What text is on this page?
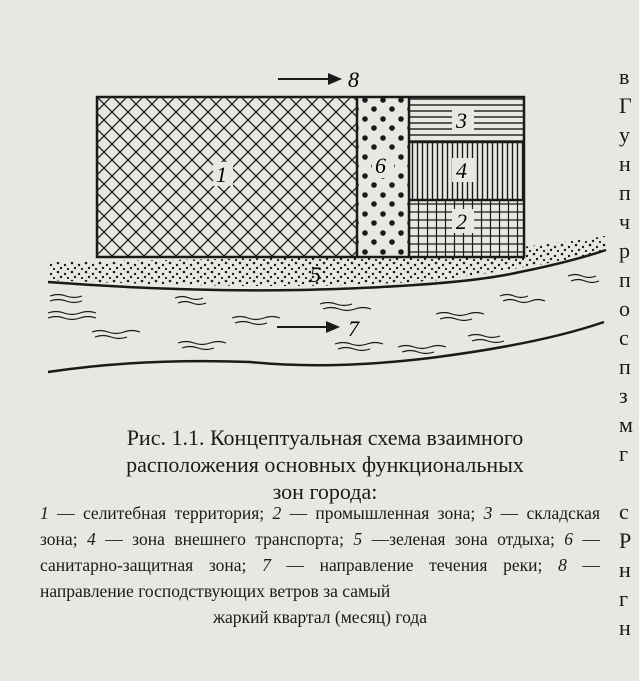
8
5
1	6
3
4
2
7

Рис. 1.1. Концептуальная схема взаимного
расположения основных функциональных
зон города:

1 — селитебная территория; 2 — промышленная зона; 3 — складская зона; 4 — зона внешнего транспорта; 5 —зеленая зона отдыха; 6 — санитарно-защитная зона; 7 — направление течения реки; 8 — направление господствующих ветров за самый
жаркий квартал (месяц) года

в
Г
у
н
п
ч
р
п
о
с
п
з
м
г

с
Р
н
г
н
